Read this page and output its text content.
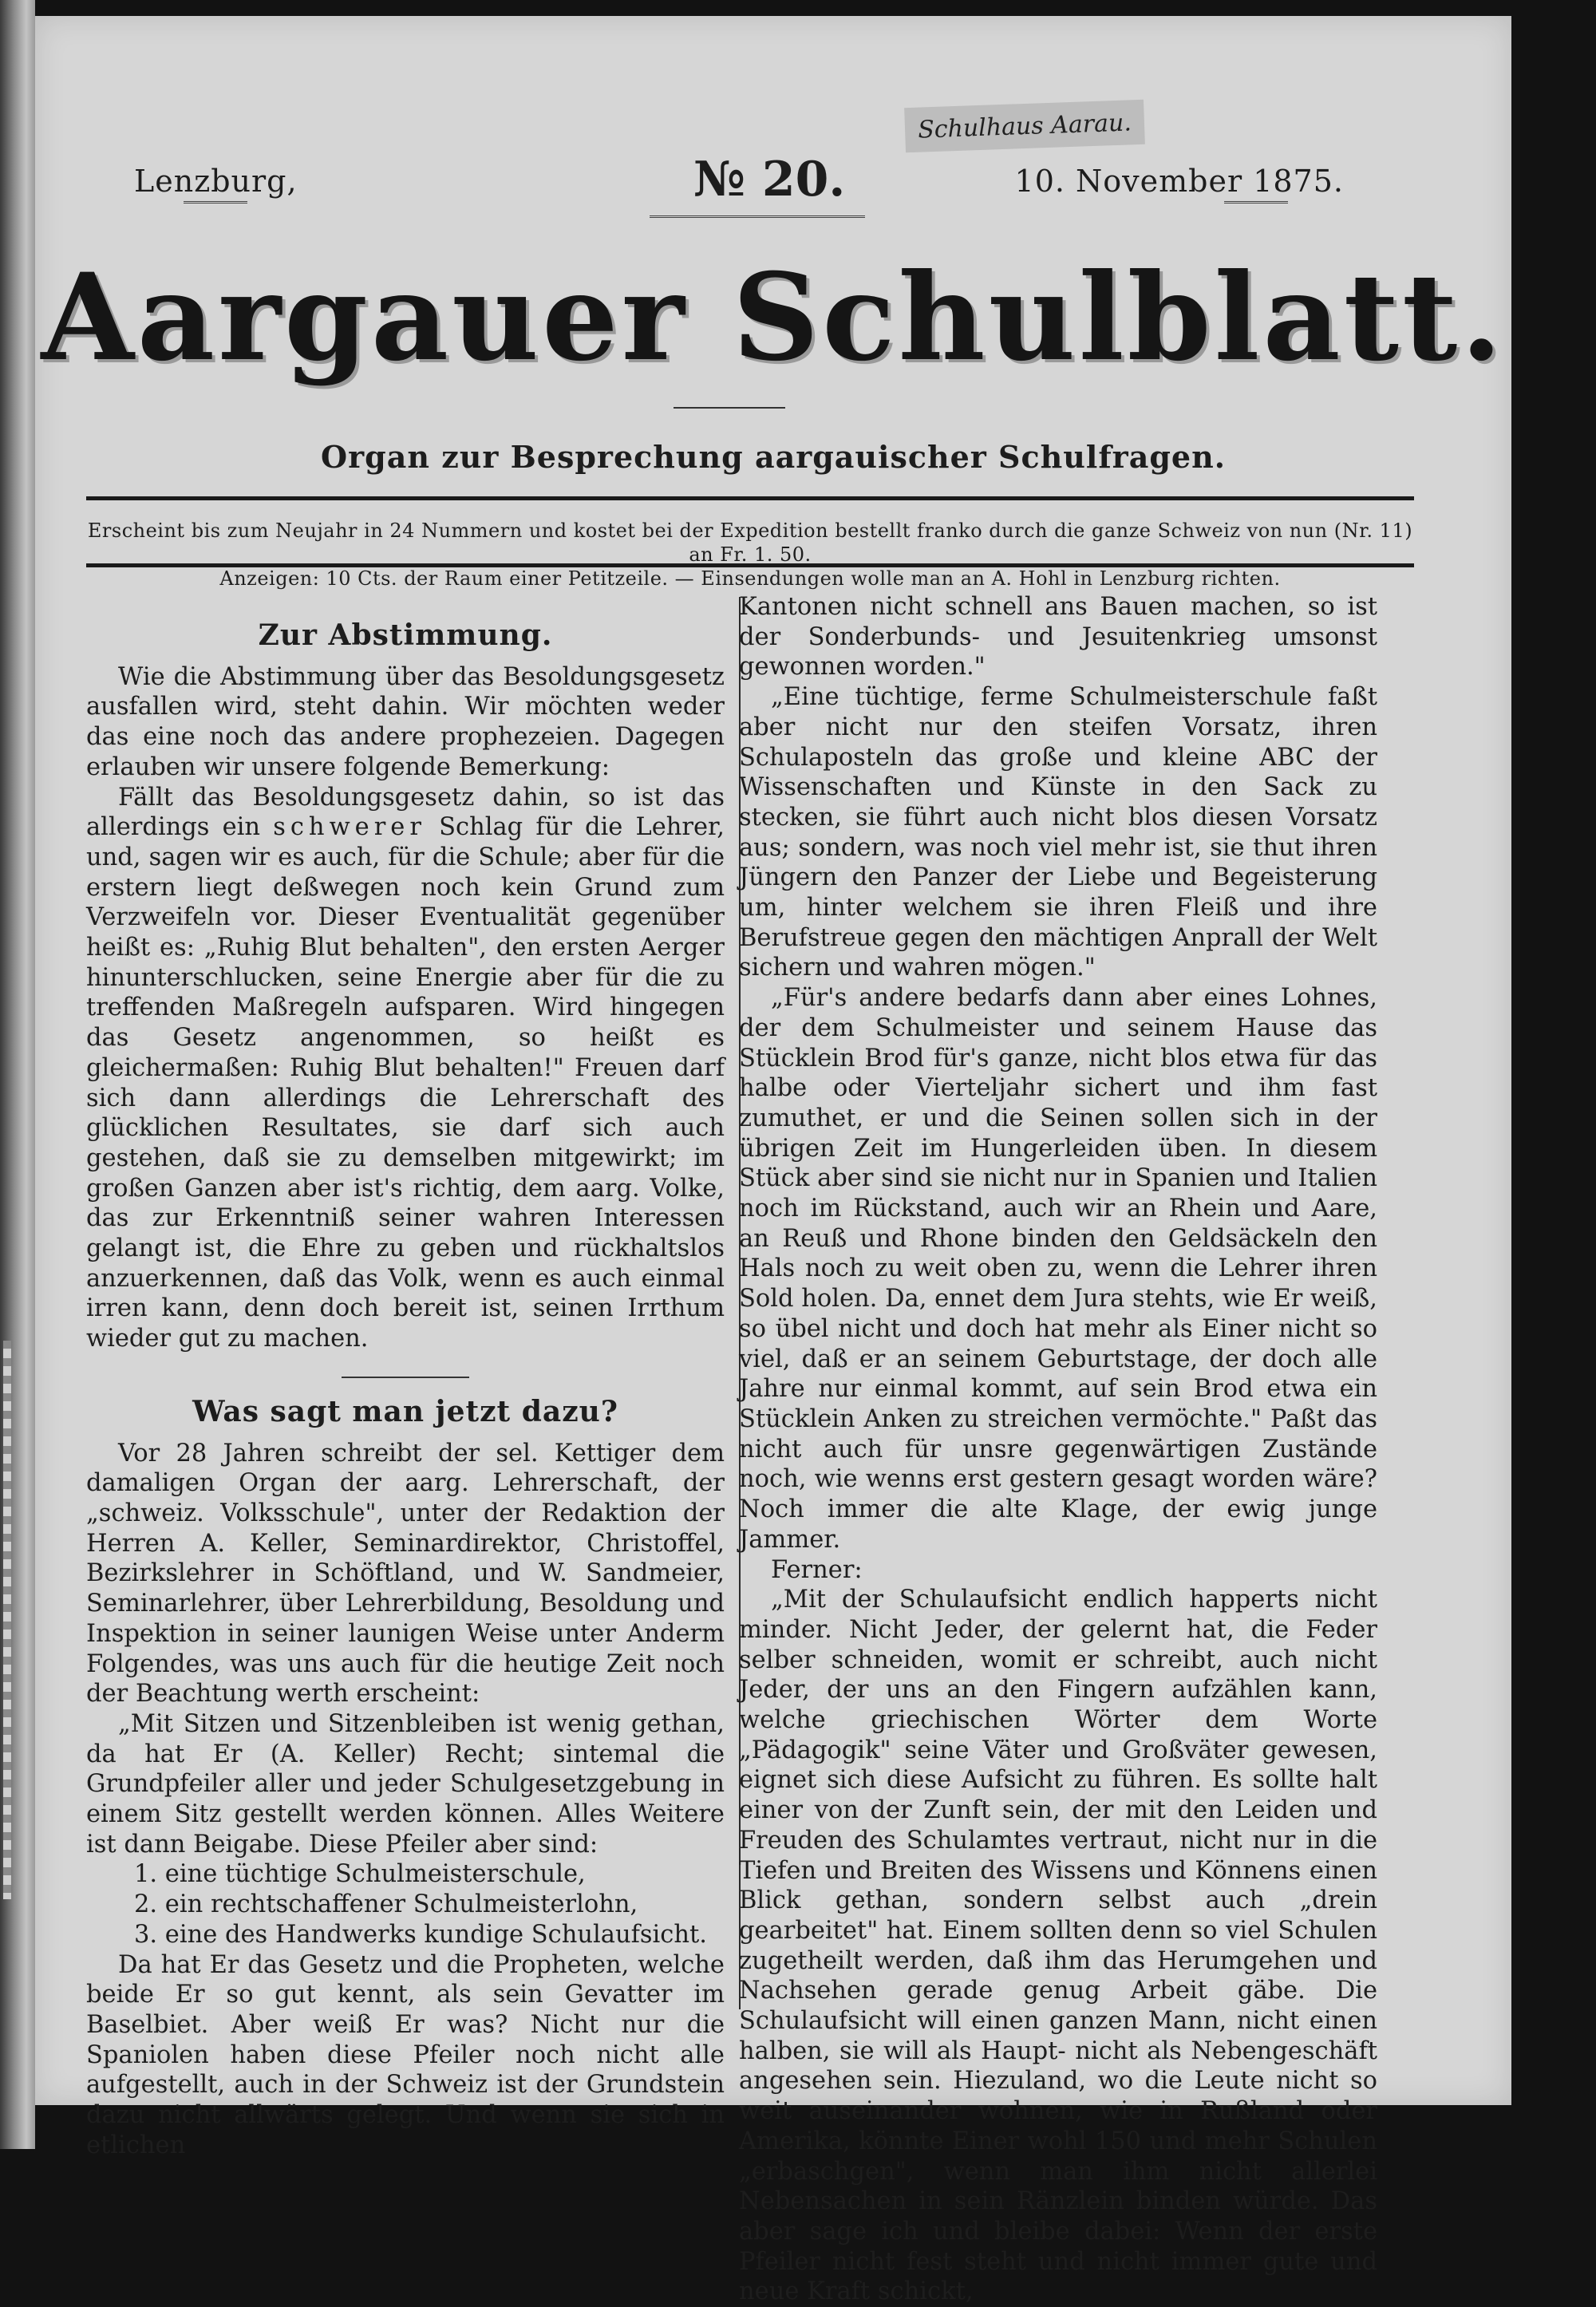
Schulhaus Aarau.
Lenzburg,	№ 20.	10. November 1875.
Aargauer Schulblatt.
Organ zur Besprechung aargauischer Schulfragen.
Erscheint bis zum Neujahr in 24 Nummern und kostet bei der Expedition bestellt franko durch die ganze Schweiz von nun (Nr. 11) an Fr. 1. 50.
Anzeigen: 10 Cts. der Raum einer Petitzeile. — Einsendungen wolle man an A. Hohl in Lenzburg richten.
Zur Abstimmung.

Wie die Abstimmung über das Besoldungsgesetz ausfallen wird, steht dahin. Wir möchten weder das eine noch das andere prophezeien. Dagegen erlauben wir unsere folgende Bemerkung:

Fällt das Besoldungsgesetz dahin, so ist das allerdings ein schwerer Schlag für die Lehrer, und, sagen wir es auch, für die Schule; aber für die erstern liegt deßwegen noch kein Grund zum Verzweifeln vor. Dieser Eventualität gegenüber heißt es: „Ruhig Blut behalten", den ersten Aerger hinunterschlucken, seine Energie aber für die zu treffenden Maßregeln aufsparen. Wird hingegen das Gesetz angenommen, so heißt es gleichermaßen: Ruhig Blut behalten!" Freuen darf sich dann allerdings die Lehrerschaft des glücklichen Resultates, sie darf sich auch gestehen, daß sie zu demselben mitgewirkt; im großen Ganzen aber ist's richtig, dem aarg. Volke, das zur Erkenntniß seiner wahren Interessen gelangt ist, die Ehre zu geben und rückhaltslos anzuerkennen, daß das Volk, wenn es auch einmal irren kann, denn doch bereit ist, seinen Irrthum wieder gut zu machen.

Was sagt man jetzt dazu?

Vor 28 Jahren schreibt der sel. Kettiger dem damaligen Organ der aarg. Lehrerschaft, der „schweiz. Volksschule", unter der Redaktion der Herren A. Keller, Seminardirektor, Christoffel, Bezirkslehrer in Schöftland, und W. Sandmeier, Seminarlehrer, über Lehrerbildung, Besoldung und Inspektion in seiner launigen Weise unter Anderm Folgendes, was uns auch für die heutige Zeit noch der Beachtung werth erscheint:

„Mit Sitzen und Sitzenbleiben ist wenig gethan, da hat Er (A. Keller) Recht; sintemal die Grundpfeiler aller und jeder Schulgesetzgebung in einem Sitz gestellt werden können. Alles Weitere ist dann Beigabe. Diese Pfeiler aber sind:

1. eine tüchtige Schulmeisterschule,
2. ein rechtschaffener Schulmeisterlohn,
3. eine des Handwerks kundige Schulaufsicht.

Da hat Er das Gesetz und die Propheten, welche beide Er so gut kennt, als sein Gevatter im Baselbiet. Aber weiß Er was? Nicht nur die Spaniolen haben diese Pfeiler noch nicht alle aufgestellt, auch in der Schweiz ist der Grundstein dazu nicht allwärts gelegt. Und wenn sie sich in etlichen

Kantonen nicht schnell ans Bauen machen, so ist der Sonderbunds- und Jesuitenkrieg umsonst gewonnen worden."

„Eine tüchtige, ferme Schulmeisterschule faßt aber nicht nur den steifen Vorsatz, ihren Schulaposteln das große und kleine ABC der Wissenschaften und Künste in den Sack zu stecken, sie führt auch nicht blos diesen Vorsatz aus; sondern, was noch viel mehr ist, sie thut ihren Jüngern den Panzer der Liebe und Begeisterung um, hinter welchem sie ihren Fleiß und ihre Berufstreue gegen den mächtigen Anprall der Welt sichern und wahren mögen."

„Für's andere bedarfs dann aber eines Lohnes, der dem Schulmeister und seinem Hause das Stücklein Brod für's ganze, nicht blos etwa für das halbe oder Vierteljahr sichert und ihm fast zumuthet, er und die Seinen sollen sich in der übrigen Zeit im Hungerleiden üben. In diesem Stück aber sind sie nicht nur in Spanien und Italien noch im Rückstand, auch wir an Rhein und Aare, an Reuß und Rhone binden den Geldsäckeln den Hals noch zu weit oben zu, wenn die Lehrer ihren Sold holen. Da, ennet dem Jura stehts, wie Er weiß, so übel nicht und doch hat mehr als Einer nicht so viel, daß er an seinem Geburtstage, der doch alle Jahre nur einmal kommt, auf sein Brod etwa ein Stücklein Anken zu streichen vermöchte." Paßt das nicht auch für unsre gegenwärtigen Zustände noch, wie wenns erst gestern gesagt worden wäre? Noch immer die alte Klage, der ewig junge Jammer.

Ferner:

„Mit der Schulaufsicht endlich happerts nicht minder. Nicht Jeder, der gelernt hat, die Feder selber schneiden, womit er schreibt, auch nicht Jeder, der uns an den Fingern aufzählen kann, welche griechischen Wörter dem Worte „Pädagogik" seine Väter und Großväter gewesen, eignet sich diese Aufsicht zu führen. Es sollte halt einer von der Zunft sein, der mit den Leiden und Freuden des Schulamtes vertraut, nicht nur in die Tiefen und Breiten des Wissens und Könnens einen Blick gethan, sondern selbst auch „drein gearbeitet" hat. Einem sollten denn so viel Schulen zugetheilt werden, daß ihm das Herumgehen und Nachsehen gerade genug Arbeit gäbe. Die Schulaufsicht will einen ganzen Mann, nicht einen halben, sie will als Haupt- nicht als Nebengeschäft angesehen sein. Hiezuland, wo die Leute nicht so weit auseinander wohnen, wie in Rußland oder Amerika, könnte Einer wohl 150 und mehr Schulen „erbaschgen", wenn man ihm nicht allerlei Nebensachen in sein Ränzlein binden würde. Das aber sage ich und bleibe dabei: Wenn der erste Pfeiler nicht fest steht und nicht immer gute und neue Kraft schickt,
